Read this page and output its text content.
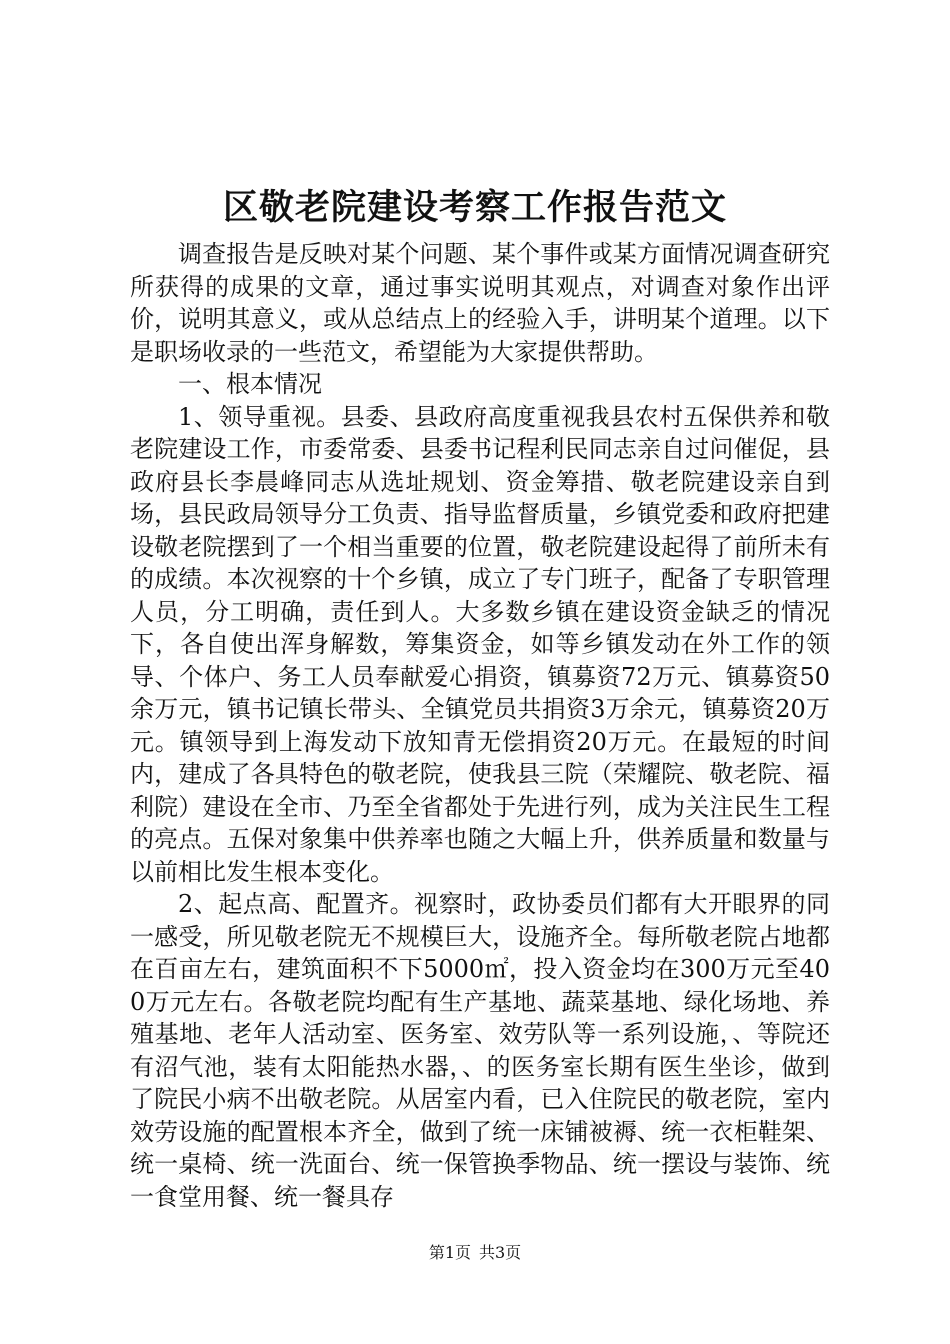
区敬老院建设考察工作报告范文

调查报告是反映对某个问题、某个事件或某方面情况调查研究所获得的成果的文章，通过事实说明其观点，对调查对象作出评价，说明其意义，或从总结点上的经验入手，讲明某个道理。以下是职场收录的一些范文，希望能为大家提供帮助。

一、根本情况

1、领导重视。县委、县政府高度重视我县农村五保供养和敬老院建设工作，市委常委、县委书记程利民同志亲自过问催促，县政府县长李晨峰同志从选址规划、资金筹措、敬老院建设亲自到场，县民政局领导分工负责、指导监督质量，乡镇党委和政府把建设敬老院摆到了一个相当重要的位置，敬老院建设起得了前所未有的成绩。本次视察的十个乡镇，成立了专门班子，配备了专职管理人员，分工明确，责任到人。大多数乡镇在建设资金缺乏的情况下，各自使出浑身解数，筹集资金，如等乡镇发动在外工作的领导、个体户、务工人员奉献爱心捐资，镇募资72万元、镇募资50余万元，镇书记镇长带头、全镇党员共捐资3万余元，镇募资20万元。镇领导到上海发动下放知青无偿捐资20万元。在最短的时间内，建成了各具特色的敬老院，使我县三院（荣耀院、敬老院、福利院）建设在全市、乃至全省都处于先进行列，成为关注民生工程的亮点。五保对象集中供养率也随之大幅上升，供养质量和数量与以前相比发生根本变化。

2、起点高、配置齐。视察时，政协委员们都有大开眼界的同一感受，所见敬老院无不规模巨大，设施齐全。每所敬老院占地都在百亩左右，建筑面积不下5000㎡，投入资金均在300万元至400万元左右。各敬老院均配有生产基地、蔬菜基地、绿化场地、养殖基地、老年人活动室、医务室、效劳队等一系列设施，、等院还有沼气池，装有太阳能热水器，、的医务室长期有医生坐诊，做到了院民小病不出敬老院。从居室内看，已入住院民的敬老院，室内效劳设施的配置根本齐全，做到了统一床铺被褥、统一衣柜鞋架、统一桌椅、统一洗面台、统一保管换季物品、统一摆设与装饰、统一食堂用餐、统一餐具存

第1页 共3页
